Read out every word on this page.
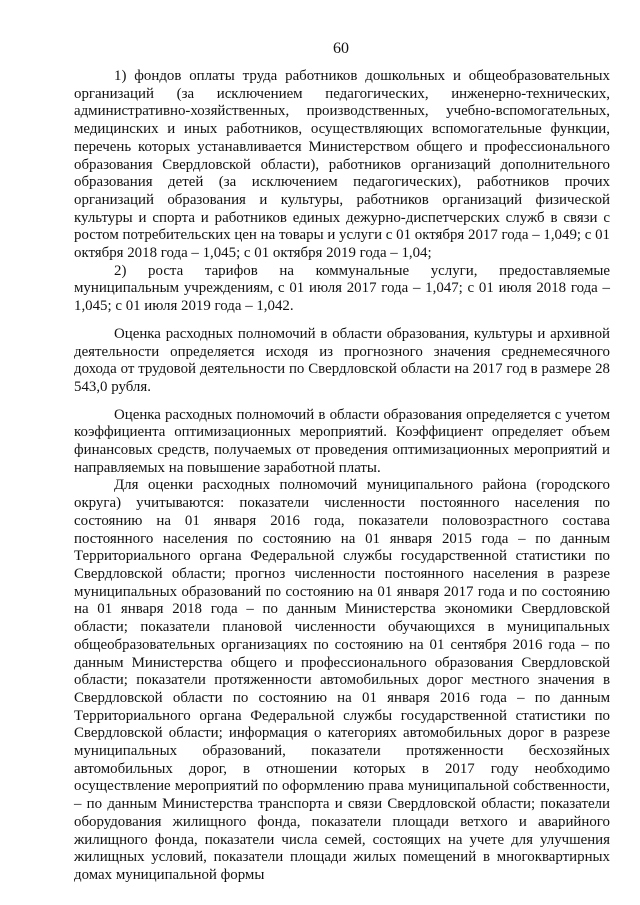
60

1) фондов оплаты труда работников дошкольных и общеобразовательных организаций (за исключением педагогических, инженерно-технических, административно-хозяйственных, производственных, учебно-вспомогательных, медицинских и иных работников, осуществляющих вспомогательные функции, перечень которых устанавливается Министерством общего и профессионального образования Свердловской области), работников организаций дополнительного образования детей (за исключением педагогических), работников прочих организаций образования и культуры, работников организаций физической культуры и спорта и работников единых дежурно-диспетчерских служб в связи с ростом потребительских цен на товары и услуги с 01 октября 2017 года – 1,049; с 01 октября 2018 года – 1,045; с 01 октября 2019 года – 1,04;

2) роста тарифов на коммунальные услуги, предоставляемые муниципальным учреждениям, с 01 июля 2017 года – 1,047; с 01 июля 2018 года – 1,045; с 01 июля 2019 года – 1,042.

Оценка расходных полномочий в области образования, культуры и архивной деятельности определяется исходя из прогнозного значения среднемесячного дохода от трудовой деятельности по Свердловской области на 2017 год в размере 28 543,0 рубля.

Оценка расходных полномочий в области образования определяется с учетом коэффициента оптимизационных мероприятий. Коэффициент определяет объем финансовых средств, получаемых от проведения оптимизационных мероприятий и направляемых на повышение заработной платы.

Для оценки расходных полномочий муниципального района (городского округа) учитываются: показатели численности постоянного населения по состоянию на 01 января 2016 года, показатели половозрастного состава постоянного населения по состоянию на 01 января 2015 года – по данным Территориального органа Федеральной службы государственной статистики по Свердловской области; прогноз численности постоянного населения в разрезе муниципальных образований по состоянию на 01 января 2017 года и по состоянию на 01 января 2018 года – по данным Министерства экономики Свердловской области; показатели плановой численности обучающихся в муниципальных общеобразовательных организациях по состоянию на 01 сентября 2016 года – по данным Министерства общего и профессионального образования Свердловской области; показатели протяженности автомобильных дорог местного значения в Свердловской области по состоянию на 01 января 2016 года – по данным Территориального органа Федеральной службы государственной статистики по Свердловской области; информация о категориях автомобильных дорог в разрезе муниципальных образований, показатели протяженности бесхозяйных автомобильных дорог, в отношении которых в 2017 году необходимо осуществление мероприятий по оформлению права муниципальной собственности, – по данным Министерства транспорта и связи Свердловской области; показатели оборудования жилищного фонда, показатели площади ветхого и аварийного жилищного фонда, показатели числа семей, состоящих на учете для улучшения жилищных условий, показатели площади жилых помещений в многоквартирных домах муниципальной формы
